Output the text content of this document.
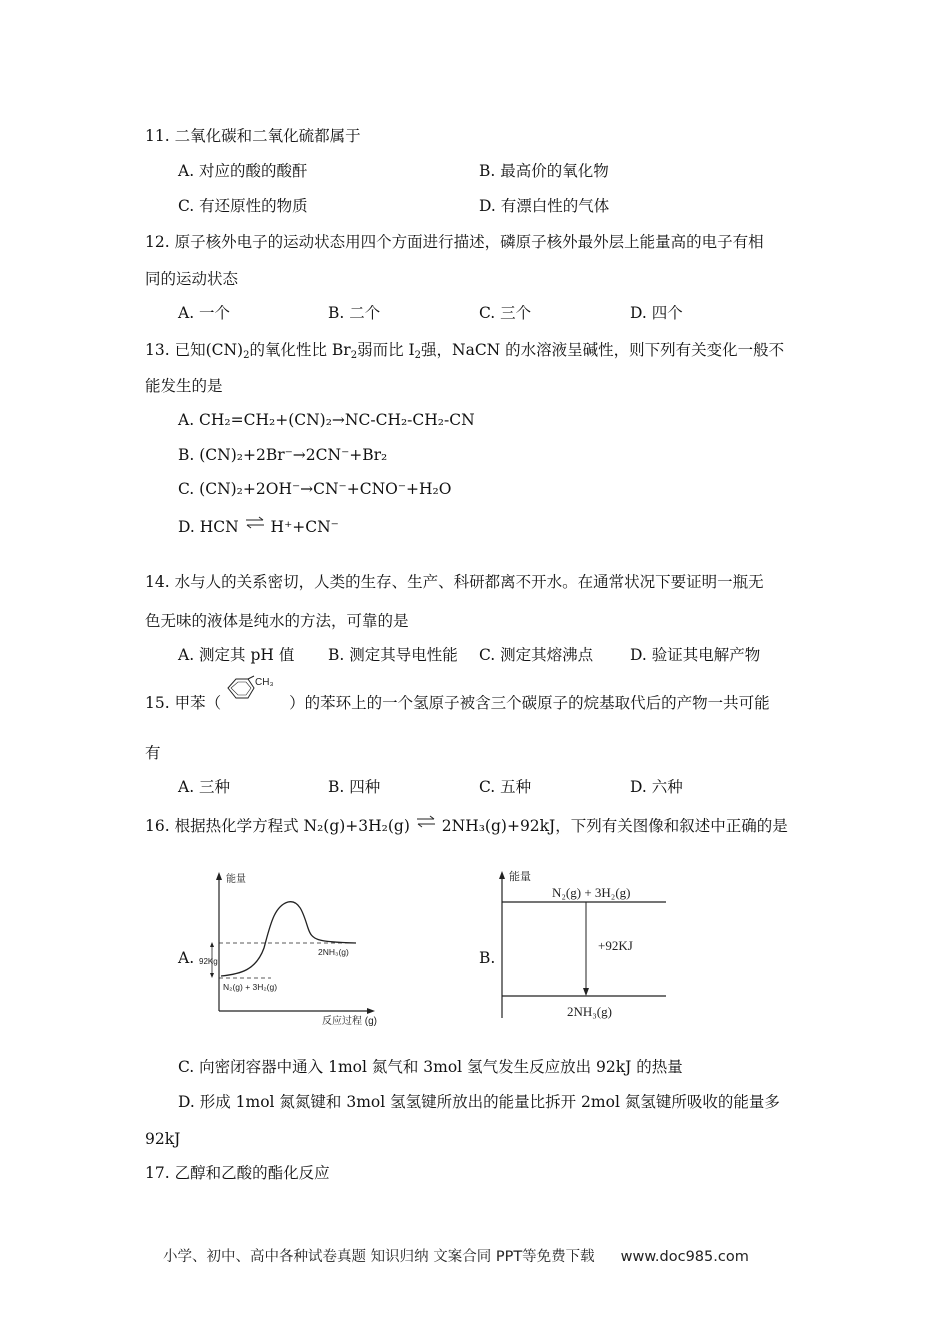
11. 二氧化碳和二氧化硫都属于
A. 对应的酸的酸酐	B. 最高价的氧化物
C. 有还原性的物质	D. 有漂白性的气体
12. 原子核外电子的运动状态用四个方面进行描述，磷原子核外最外层上能量高的电子有相
同的运动状态
A. 一个	B. 二个	C. 三个	D. 四个
13. 已知$(CN)_2$的氧化性比 $Br_2$弱而比 $I_2$强，NaCN 的水溶液呈碱性，则下列有关变化一般不
能发生的是
A. CH₂=CH₂+(CN)₂→NC-CH₂-CH₂-CN
B. (CN)₂+2Br⁻→2CN⁻+Br₂
C. (CN)₂+2OH⁻→CN⁻+CNO⁻+H₂O
D. HCN ⇌ H⁺+CN⁻
14. 水与人的关系密切，人类的生存、生产、科研都离不开水。在通常状况下要证明一瓶无
色无味的液体是纯水的方法，可靠的是
A. 测定其 pH 值 B. 测定其导电性能 C. 测定其熔沸点 D. 验证其电解产物
15. 甲苯（	）的苯环上的一个氢原子被含三个碳原子的烷基取代后的产物一共可能
CH₃
有
A. 三种	B. 四种	C. 五种	D. 六种
16. 根据热化学方程式 N₂(g)+3H₂(g) ⇌ 2NH₃(g)+92kJ，下列有关图像和叙述中正确的是
A.
能量
反应过程 (g)
92Kg
2NH₃(g)
N₂(g) + 3H₂(g)
B.
能量
N₂(g) + 3H₂(g)
2NH₃(g)
+92KJ
C. 向密闭容器中通入 1mol 氮气和 3mol 氢气发生反应放出 92kJ 的热量
D. 形成 1mol 氮氮键和 3mol 氢氢键所放出的能量比拆开 2mol 氮氢键所吸收的能量多
92kJ
17. 乙醇和乙酸的酯化反应
小学、初中、高中各种试卷真题 知识归纳 文案合同 PPT等免费下载 www.doc985.com
